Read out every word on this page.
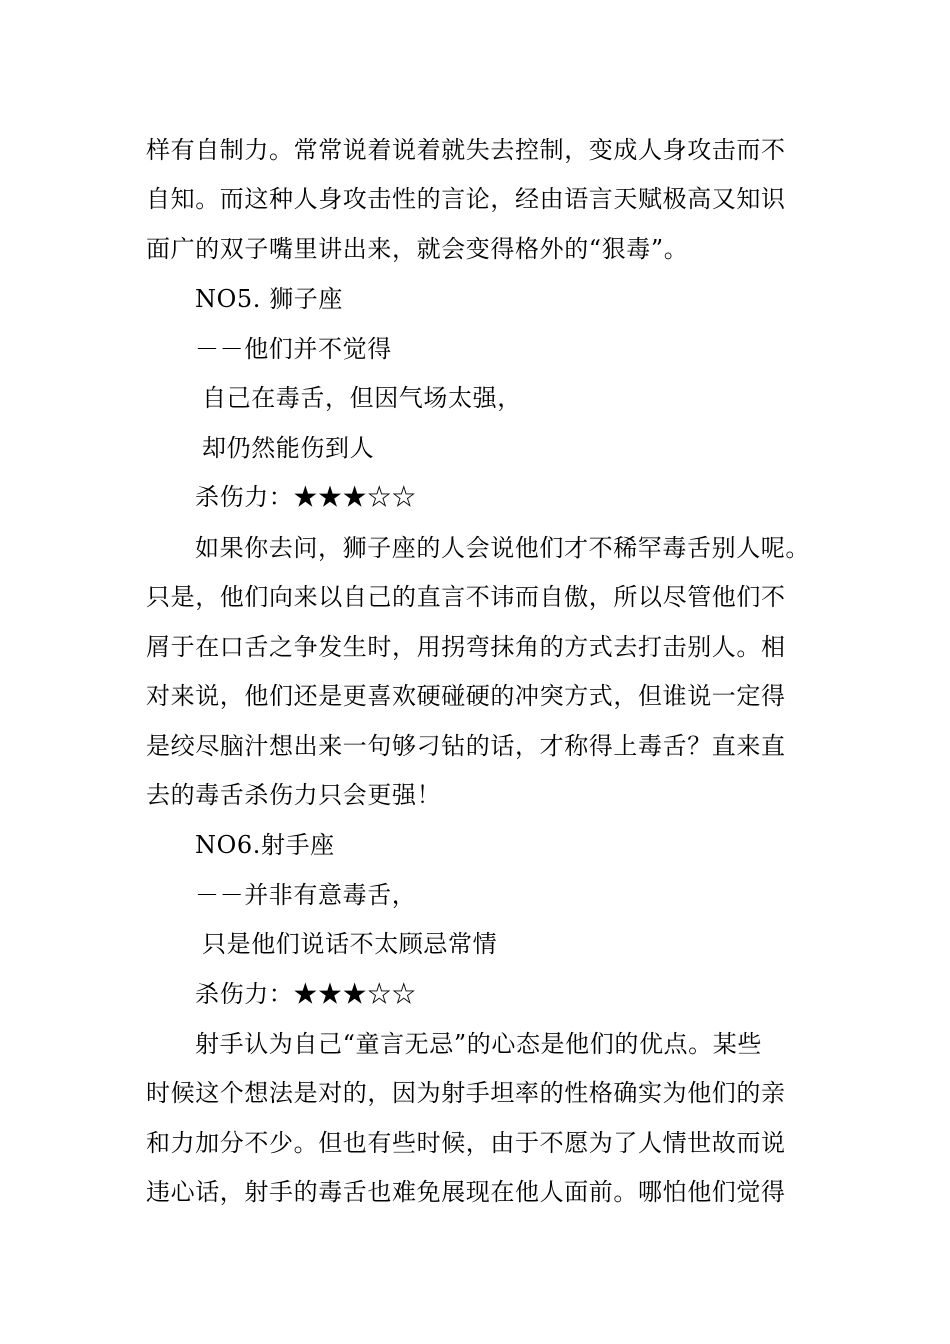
样有自制力。常常说着说着就失去控制，变成人身攻击而不
自知。而这种人身攻击性的言论，经由语言天赋极高又知识
面广的双子嘴里讲出来，就会变得格外的“狠毒”。
NO5. 狮子座
－－他们并不觉得
自己在毒舌，但因气场太强，
却仍然能伤到人
杀伤力：★★★☆☆
如果你去问，狮子座的人会说他们才不稀罕毒舌别人呢。
只是，他们向来以自己的直言不讳而自傲，所以尽管他们不
屑于在口舌之争发生时，用拐弯抹角的方式去打击别人。相
对来说，他们还是更喜欢硬碰硬的冲突方式，但谁说一定得
是绞尽脑汁想出来一句够刁钻的话，才称得上毒舌？直来直
去的毒舌杀伤力只会更强！
NO6.射手座
－－并非有意毒舌，
只是他们说话不太顾忌常情
杀伤力：★★★☆☆
射手认为自己“童言无忌”的心态是他们的优点。某些
时候这个想法是对的，因为射手坦率的性格确实为他们的亲
和力加分不少。但也有些时候，由于不愿为了人情世故而说
违心话，射手的毒舌也难免展现在他人面前。哪怕他们觉得
